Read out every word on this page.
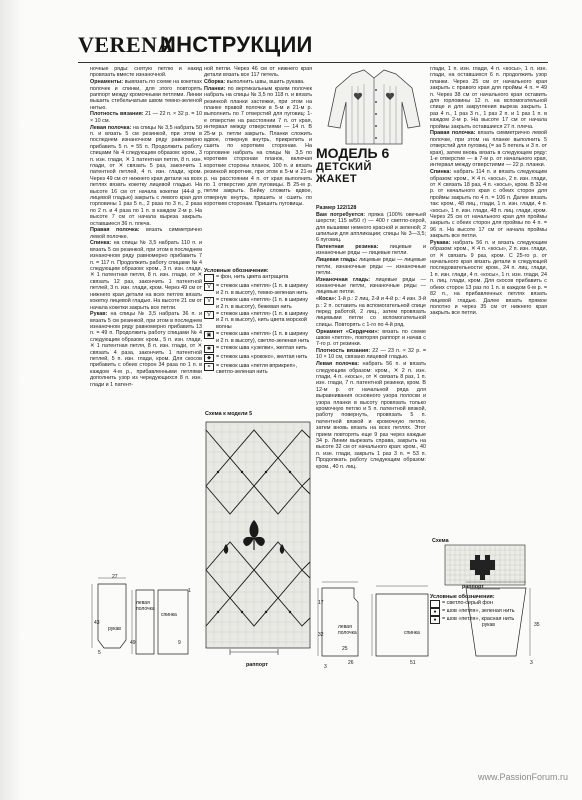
VERENA
ИНСТРУКЦИИ

ночные ряды: снятую петлю и накид провязать вместе изнаночной.

Орнаменты: вывязать по схеме на кокетках полочек и спинки, для этого повторять раппорт между кромочными петлями. Линии вышить стебельчатым швом темно-зеленой нитью.

Плотность вязания: 21 — 22 п. × 32 р. = 10 × 10 см.

Левая полочка: на спицы № 3,5 набрать 50 п. и вязать 5 см резинкой, при этом в последнем изнаночном ряду равномерно прибавить 5 п. = 55 п. Продолжить работу спицами № 4 следующим образом: кром., 3 п. изн. глади, ✕ 1 патентная петля, 8 п. изн. глади, от ✕ связать 5 раз, закончить 1 патентной петлей, 4 п. изн. глади, кром. Через 49 см от нижнего края детали на всех петлях вязать кокетку лицевой гладью. На высоте 16 см от начала кокетки (44-й р. лицевой гладью) закрыть с левого края для горловины 1 раз 5 п., 2 раза по 3 п., 2 раза по 2 п. и 4 раза по 1 п. в каждом 2-м р. На высоте 7 см от начала выреза закрыть оставшиеся 36 п. плеча.

Правая полочка: вязать симметрично левой полочке.

Спинка: на спицы № 3,5 набрать 110 п. и вязать 5 см резинкой, при этом в последнем изнаночном ряду равномерно прибавить 7 п. = 117 п. Продолжить работу спицами № 4 следующим образом: кром., 3 п. изн. глади, ✕ 1 патентная петля, 8 п. изн. глади, от ✕ связать 12 раз, закончить 1 патентной петлей, 3 п. изн. глади, кром. Через 49 см от нижнего края детали на всех петлях вязать кокетку лицевой гладью. На высоте 21 см от начала кокетки закрыть все петли.

Рукав: на спицы № 3,5 набрать 36 п. и вязать 5 см резинкой, при этом в последнем изнаночном ряду равномерно прибавить 13 п. = 49 п. Продолжить работу спицами № 4 следующим образом: кром., 5 п. изн. глади, ✕ 1 патентная петля, 8 п. изн. глади, от ✕ связать 4 раза, закончить 1 патентной петлей, 5 п. изн. глади, кром. Для скосов прибавить с обеих сторон 34 раза по 1 п. в каждом 4-м р., прибавленными петлями дополнить узор из чередующихся 8 п. изн. глади и 1 патент-

ной петли. Через 46 см от нижнего края детали вязать все 117 петель.

Сборка: выполнить швы, вшить рукава.

Планки: по вертикальным краям полочек набрать на спицы № 3,5 по 118 п. и вязать резинкой планки застежки, при этом на планке правой полочки в 5-м и 21-м р. выполнить по 7 отверстий для пуговиц: 1-е отверстие на расстоянии 7 п. от края, интервал между отверстиями — 14 п. В 25-м р. петли закрыть. Планки сложить вдвое, отвернув внутрь, прикрепить и сшить по коротким сторонам. На горловине набрать на спицы № 3,5 по коротким сторонам планок, включая короткие стороны планок, 100 п. и вязать резинкой воротник, при этом в 5-м и 21-м р. на расстоянии 4 п. от края выполнить по 1 отверстию для пуговицы. В 25-м р. петли закрыть. Бейку сложить вдвое, отвернув внутрь, пришить и сшить по коротким сторонам. Пришить пуговицы.

Условные обозначения:
= фон, нить цвета антрацита
V = стежок шва «петля» (1 п. в ширину и 2 п. в высоту), темно-зеленая нить
V = стежок шва «петля» (1 п. в ширину и 2 п. в высоту), бежевая нить
V = стежок шва «петля» (1 п. в ширину и 2 п. в высоту), нить цвета морской волны
▣ = стежок шва «петля» (1 п. в ширину и 2 п. в высоту), светло-зеленая нить
✱ = стежок шва «узелки», желтая нить
◆ = стежок шва «рококо», желтая нить
=	= стежок шва «петля вприкреп», светло-зеленая нить
Схема к модели 5
раппорт
МОДЕЛЬ 6
ДЕТСКИЙ
ЖАКЕТ

Размер 122/128

Вам потребуется: пряжа (100% овечьей шерсти; 115 м/50 г) — 400 г светло-серой, для вышивки немного красной и зеленой; 2 шпильки для аппликации; спицы № 3—3,5; 6 пуговиц.

Патентная резинка: лицевые и изнаночные ряды — лицевые петли.

Лицевая гладь: лицевые ряды — лицевые петли, изнаночные ряды — изнаночные петли.

Изнаночная гладь: лицевые ряды — изнаночные петли, изнаночные ряды — лицевые петли.

«Коса»: 1-й р.: 2 лиц. 2-й и 4-й р.: 4 изн. 3-й р.: 2 п. оставить на вспомогательной спице перед работой, 2 лиц., затем провязать лицевыми петли со вспомогательной спицы. Повторять с 1-го по 4-й ряд.

Орнамент «Сердечки»: вязать по схеме швом «петля», повторяя раппорт и начав с 7-го р. от резинки.

Плотность вязания: 22 — 23 п. × 32 р. = 10 × 10 см, связано лицевой гладью.

Левая полочка: набрать 56 п. и вязать следующим образом: кром., ✕ 2 п. изн. глади, 4 п. «косы», от ✕ связать 8 раз, 1 п. изн. глади, 7 п. патентной резинки, кром. В 12-м р. от начальной ряда для выравнивания основного узора полоски и узора планки в высоту провязать только кромочную петлю и 5 п. патентной вязкой, работу повернуть, провязать 5 п. патентной вязкой и кромочную петлю, затем вновь вязать на всех петлях. Этот прием повторять еще 9 раз через каждые 34 р. Линии вырезать справа, закрыть на высоте 32 см от начального края: кром., 40 п. изн. глади, закрыть 1 раз 3 п. = 53 п. Продолжать работу следующим образом: кром., 40 п. лиц.

глади, 1 п. изн. глади, 4 п. «косы», 1 п. изн. глади, на оставшихся 6 п. продолжить узор планки. Через 25 см от начального края закрыть с правого края для проймы 4 п. = 49 п. Через 38 см от начального края оставить для горловины 12 п. на вспомогательной спице и для закругления выреза закрыть 1 раз 4 п., 1 раз 3 п., 1 раз 2 п. и 1 раз 1 п. в каждом 2-м р. На высоте 17 см от начала проймы закрыть оставшиеся 27 п. плеча.

Правая полочка: вязать симметрично левой полочке, при этом на планке выполнить 5 отверстий для пуговиц (= за 5 петель и 3 п. от края), затем вновь вязать в следующем ряду: 1-е отверстие — в 7-м р. от начального края, интервал между отверстиями — 22 р. планки.

Спинка: набрать 114 п. и вязать следующим образом: кром., ✕ 4 п. «косы», 2 п. изн. глади, от ✕ связать 18 раз, 4 п. «косы», кром. В 32-м р. от начального края с обеих сторон для проймы закрыть по 4 п. = 106 п. Далее вязать так: кром., 48 лиц., глади, 1 п. изн. глади, 4 п. «косы», 1 п. изн. глади, 48 п. лиц. глади, кром. Через 25 см от начального края для проймы закрыть с обеих сторон для проймы по 4 п. = 96 п. На высоте 17 см от начала проймы закрыть все петли.

Рукава: набрать 56 п. и вязать следующим образом: кром., ✕ 4 п. «косы», 2 п. изн. глади, от ✕ связать 9 раз, кром. С 25-го р. от начального края вязать детали в следующей последовательности: кром., 24 п. лиц. глади, 1 п. изн. глади, 4 п. «косы», 1 п. изн. глади, 24 п. лиц. глади, кром. Для скосов прибавить с обеих сторон 13 раз по 1 п. в каждом 6-м р. = 82 п., на прибавленных петлях вязать лицевой гладью. Далее вязать прямое полотно и через 35 см от нижнего края закрыть все петли.

Схема
раппорт
Условные обозначения:
= светло-серый фон
●	= шов «петля», зеленая нить
●	= шов «петля», красная нить
27
43
рукав
левая полочка
спинка
49
5
9
1
левая полочка	спинка
рукав
17
32
25
3
26	51
35
3
www.PassionForum.ru
